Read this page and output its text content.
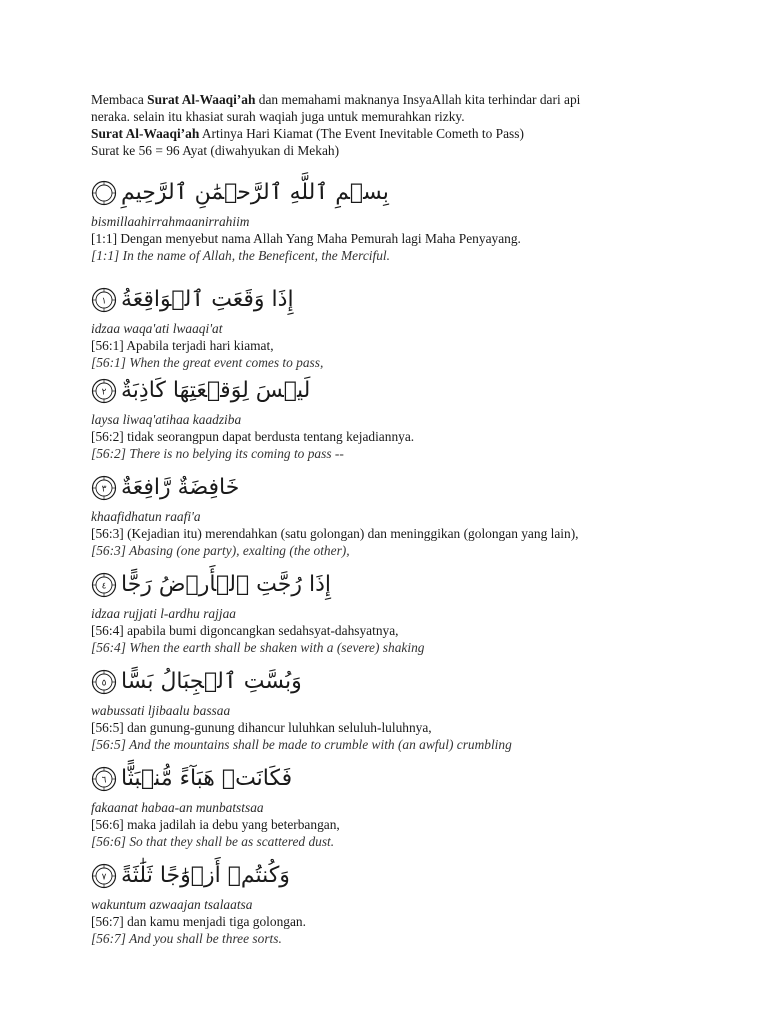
Membaca Surat Al-Waaqi’ah dan memahami maknanya InsyaAllah kita terhindar dari api

neraka. selain itu khasiat surah waqiah juga untuk memurahkan rizky.

Surat Al-Waaqi’ah Artinya Hari Kiamat (The Event Inevitable Cometh to Pass)

Surat ke 56 = 96 Ayat (diwahyukan di Mekah)

بِسۡمِ ٱللَّهِ ٱلرَّحۡمَٰنِ ٱلرَّحِيمِ

bismillaahirrahmaanirrahiim

[1:1] Dengan menyebut nama Allah Yang Maha Pemurah lagi Maha Penyayang.

[1:1] In the name of Allah, the Beneficent, the Merciful.

١ إِذَا وَقَعَتِ ٱلۡوَاقِعَةُ

idzaa waqa'ati lwaaqi'at

[56:1] Apabila terjadi hari kiamat,

[56:1] When the great event comes to pass,

٢ لَيۡسَ لِوَقۡعَتِهَا كَاذِبَةٌ

laysa liwaq'atihaa kaadziba

[56:2] tidak seorangpun dapat berdusta tentang kejadiannya.

[56:2] There is no belying its coming to pass --

٣ خَافِضَةٌ رَّافِعَةٌ

khaafidhatun raafi'a

[56:3] (Kejadian itu) merendahkan (satu golongan) dan meninggikan (golongan yang lain),

[56:3] Abasing (one party), exalting (the other),

٤ إِذَا رُجَّتِ ٱلۡأَرۡضُ رَجًّا

idzaa rujjati l-ardhu rajjaa

[56:4] apabila bumi digoncangkan sedahsyat-dahsyatnya,

[56:4] When the earth shall be shaken with a (severe) shaking

٥ وَبُسَّتِ ٱلۡجِبَالُ بَسًّا

wabussati ljibaalu bassaa

[56:5] dan gunung-gunung dihancur luluhkan seluluh-luluhnya,

[56:5] And the mountains shall be made to crumble with (an awful) crumbling

٦ فَكَانَتۡ هَبَآءً مُّنۢبَثًّا

fakaanat habaa-an munbatstsaa

[56:6] maka jadilah ia debu yang beterbangan,

[56:6] So that they shall be as scattered dust.

٧ وَكُنتُمۡ أَزۡوَٰجًا ثَلَٰثَةً

wakuntum azwaajan tsalaatsa

[56:7] dan kamu menjadi tiga golongan.

[56:7] And you shall be three sorts.
